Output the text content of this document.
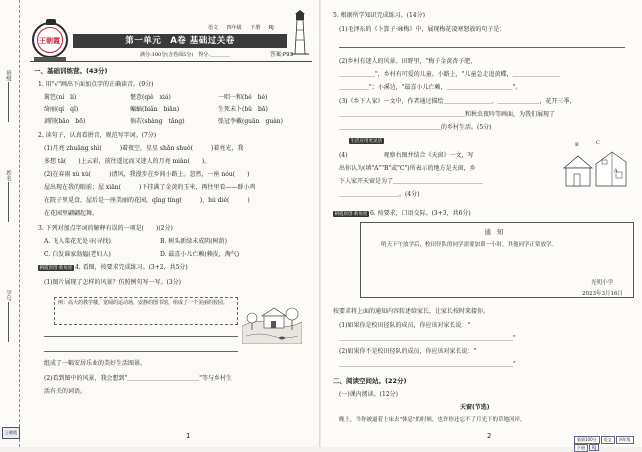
班级
姓名
学号
王朝霞
王朝霞
语文 四年级 下册 RJ
第一单元　A卷 基础过关卷
满分:100分(含卷面5分)　得分:＿＿＿＿	答案:P93
一、基础训练营。(43分)
1. 用"√"画出下面加点字的正确读音。(9分)
篱笆(ní　lí)	惬意(qiè　xiá)	一唱一和(hé　hè)
绮丽(qí　qǐ)	蝙蝠(biān　biǎn)	生死未卜(bǔ　bǎ)
剥削(bāo　bō)	倘若(shàng　tǎng)	张冠李戴(guān　guàn)
2. 读句子，认真看拼音，规范写字词。(7分)
(1)月亮 zhuāng shì(　　　)着夜空，星星 shǎn shuò(　　　)着亮光，我
多想 tā(　　)上云彩，前往遥远而又迷人的月亮 miàn(　　)。
(2)在春雨 xù xù(　　　)清风，我漫步在乡间小路上。忽然，一座 nóu(　　)
屋出现在我的眼前；屋 xiān(　　　)下挂满了金黄的玉米，再往里看——群小鸡
在院子里觅食，屋后是一座美丽的花园，qīng tíng(　　　)，hú dié(　　　)
在花园里翩翩起舞。
3. 下列对加点字词的解释有误的一项是(　　)(2分)
A. 飞入菜花无处寻(寻找)	B. 树头新绿未成阴(树荫)
C. 白发谁家翁媪(老妇人)	D. 最喜小儿亡赖(赖皮，淘气)
朝霞原创·新角度 4. 看图，按要求完成练习。(3+2，共5分)
(1)图片展现了怎样的风景？仿照例句写一写。(3分)
例：高大的教学楼，宽阔的运动场，安静的图书馆，组成了一个美丽的校园。
组成了一幅安居乐业的美好生活图景。
(2)看到图中的风景，我会想到"＿＿＿＿＿＿＿＿＿＿＿＿"等与乡村生
活有关的词语。
1
5. 根据所学知识完成练习。(14分)
(1)毛泽东的《卜算子·咏梅》中，展现梅花凌寒怒放的句子是：
(2)乡村有迷人的风景。田野里，"梅子金黄杏子肥，
＿＿＿＿＿＿"，乡村有可爱的儿童。小路上，"儿童急走追黄蝶，＿＿＿＿＿＿＿＿
＿＿＿＿＿"；小溪边，"最喜小儿亡赖，＿＿＿＿＿＿＿＿＿＿＿"。
(3)《乡下人家》一文中，作者通过描绘＿＿＿＿＿＿＿＿、＿＿＿＿＿＿＿，花开三季，
＿＿＿＿＿＿＿＿＿＿＿＿＿＿＿＿＿＿＿＿＿和秋虫夜吟等画面，为我们展现了
＿＿＿＿＿＿＿＿＿＿＿＿＿＿＿＿＿的乡村生活。(5分)
生活应用更灵活
(4)　　　　　　观察右图并结合《天窗》一文，写
出你认为(填"A""B"或"C")所表示的地方是天窗，乡
下人家开天窗是为了＿＿＿＿＿＿＿＿＿＿＿＿＿＿＿
＿＿＿＿＿＿＿＿＿＿。(4分)
B	C
A
朝霞原创·新角度 6. 按要求，口语交际。(3+3，共6分)
通知
明天下午放学后，校田径队的同学需要加训一小时，其他同学正常放学。
光明小学
2023年3月16日
按要求将上面的通知内容转述给家长，让家长按时来接你。
(1)如果你是校田径队的成员，你应该对家长说："
＿＿＿＿＿＿＿＿＿＿＿＿＿＿＿＿＿＿＿＿＿＿＿＿＿＿＿＿＿"
(2)如果你不是校田径队的成员，你应该对家长说："
＿＿＿＿＿＿＿＿＿＿＿＿＿＿＿＿＿＿＿＿＿＿＿＿＿＿＿＿＿"
二、阅读空间站。(22分)
(一)课内阅读。(12分)
天窗(节选)
晚上，当你被逼着上床去"休息"的时候，也许你还忘不了月光下的草地河岸，
2	猜猜100分 语文 四年级下册 RJ
